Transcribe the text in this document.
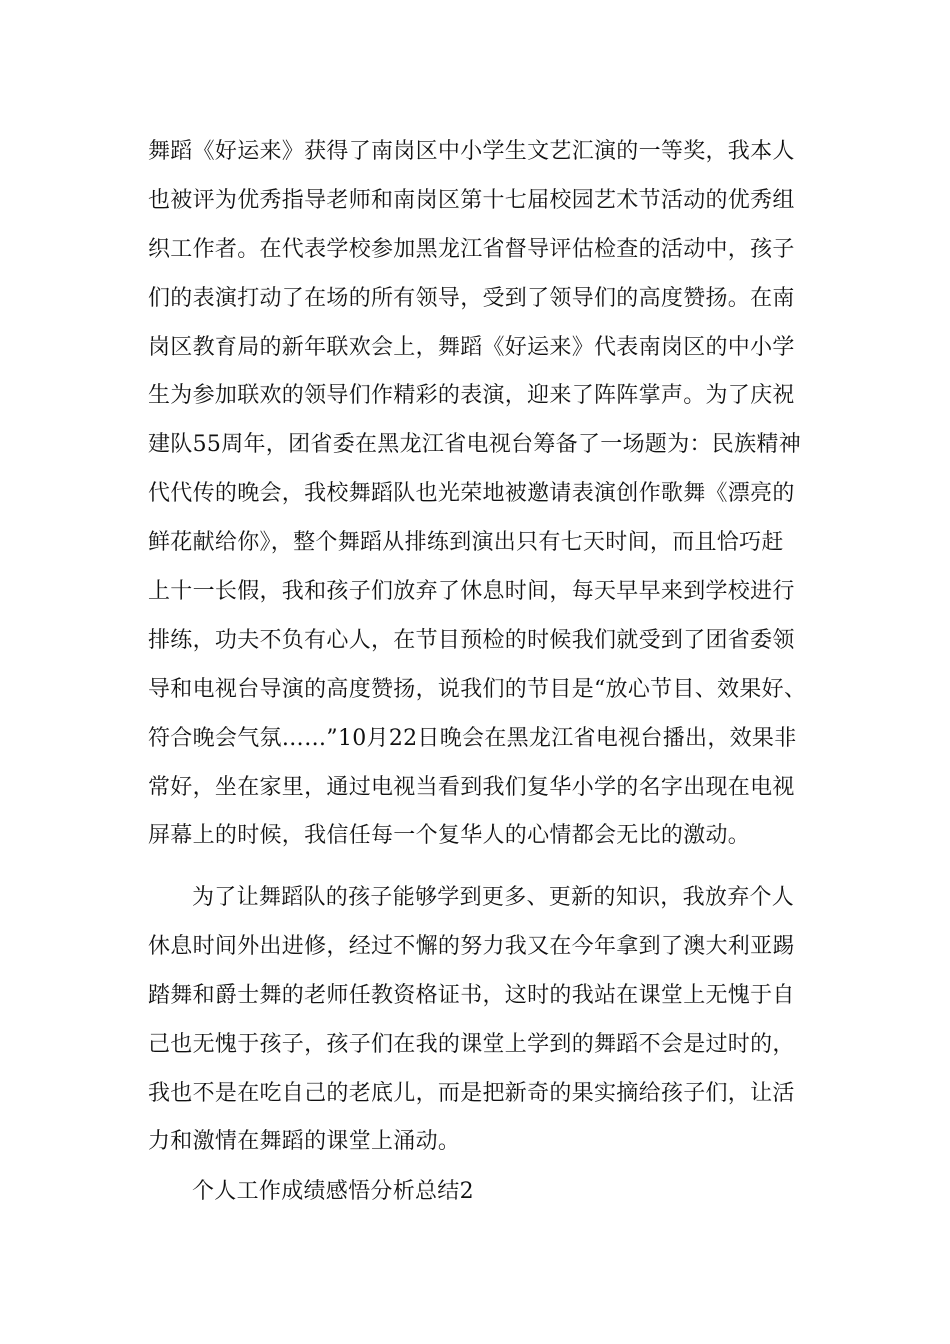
舞蹈《好运来》获得了南岗区中小学生文艺汇演的一等奖，我本人
也被评为优秀指导老师和南岗区第十七届校园艺术节活动的优秀组
织工作者。在代表学校参加黑龙江省督导评估检查的活动中，孩子
们的表演打动了在场的所有领导，受到了领导们的高度赞扬。在南
岗区教育局的新年联欢会上，舞蹈《好运来》代表南岗区的中小学
生为参加联欢的领导们作精彩的表演，迎来了阵阵掌声。为了庆祝
建队55周年，团省委在黑龙江省电视台筹备了一场题为：民族精神
代代传的晚会，我校舞蹈队也光荣地被邀请表演创作歌舞《漂亮的
鲜花献给你》，整个舞蹈从排练到演出只有七天时间，而且恰巧赶
上十一长假，我和孩子们放弃了休息时间，每天早早来到学校进行
排练，功夫不负有心人，在节目预检的时候我们就受到了团省委领
导和电视台导演的高度赞扬，说我们的节目是“放心节目、效果好、
符合晚会气氛……”10月22日晚会在黑龙江省电视台播出，效果非
常好，坐在家里，通过电视当看到我们复华小学的名字出现在电视
屏幕上的时候，我信任每一个复华人的心情都会无比的激动。
为了让舞蹈队的孩子能够学到更多、更新的知识，我放弃个人
休息时间外出进修，经过不懈的努力我又在今年拿到了澳大利亚踢
踏舞和爵士舞的老师任教资格证书，这时的我站在课堂上无愧于自
己也无愧于孩子，孩子们在我的课堂上学到的舞蹈不会是过时的，
我也不是在吃自己的老底儿，而是把新奇的果实摘给孩子们，让活
力和激情在舞蹈的课堂上涌动。
个人工作成绩感悟分析总结2
